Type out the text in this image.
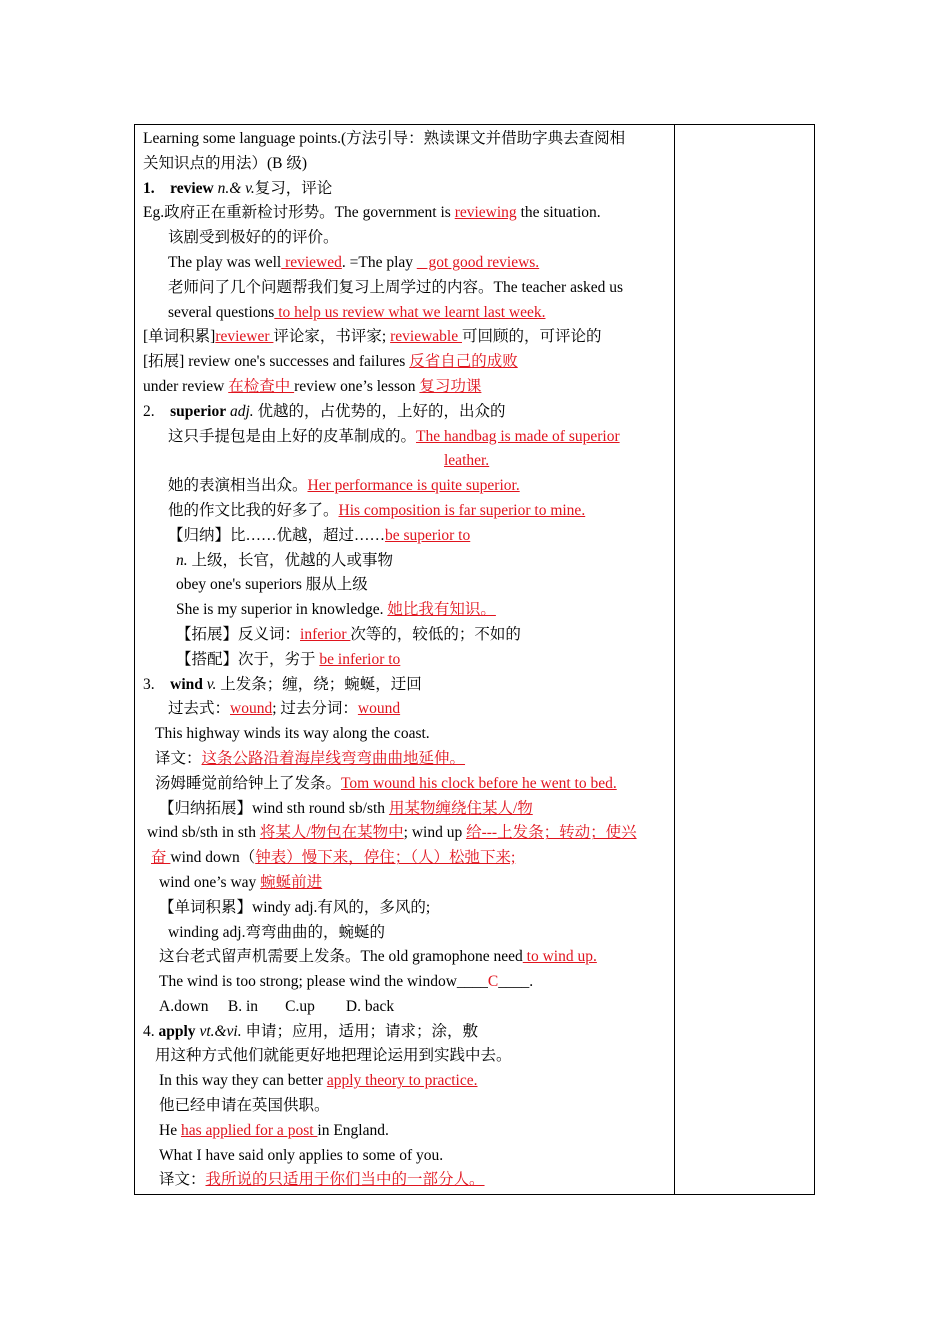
Learning some language points.(方法引导：熟读课文并借助字典去查阅相
关知识点的用法）(B 级)
1. review n.& v.复习，评论
Eg.政府正在重新检讨形势。The government is reviewing the situation.
该剧受到极好的的评价。
The play was well reviewed. =The play _ got good reviews.
老师问了几个问题帮我们复习上周学过的内容。The teacher asked us
several questions to help us review what we learnt last week.
[单词积累]reviewer 评论家，书评家; reviewable 可回顾的，可评论的
[拓展] review one's successes and failures 反省自己的成败
under review 在检查中 review one’s lesson 复习功课
2. superior adj. 优越的，占优势的，上好的，出众的
这只手提包是由上好的皮革制成的。The handbag is made of superior
leather.
她的表演相当出众。Her performance is quite superior.
他的作文比我的好多了。His composition is far superior to mine.
【归纳】比……优越，超过……be superior to
n. 上级，长官，优越的人或事物
obey one's superiors 服从上级
She is my superior in knowledge. 她比我有知识。
【拓展】反义词：inferior 次等的，较低的；不如的
【搭配】次于，劣于 be inferior to
3. wind v. 上发条；缠，绕；蜿蜒，迂回
过去式：wound; 过去分词：wound
This highway winds its way along the coast.
译文：这条公路沿着海岸线弯弯曲曲地延伸。
汤姆睡觉前给钟上了发条。Tom wound his clock before he went to bed.
【归纳拓展】wind sth round sb/sth 用某物缠绕住某人/物
wind sb/sth in sth 将某人/物包在某物中; wind up 给---上发条；转动；使兴
奋 wind down（钟表）慢下来，停住；（人）松弛下来;
wind one’s way 蜿蜒前进
【单词积累】windy adj.有风的，多风的;
winding adj.弯弯曲曲的，蜿蜒的
这台老式留声机需要上发条。The old gramophone need to wind up.
The wind is too strong; please wind the window____C____.
A.down     B. in       C.up        D. back
4. apply vt.&vi. 申请；应用，适用；请求；涂，敷
用这种方式他们就能更好地把理论运用到实践中去。
In this way they can better apply theory to practice.
他已经申请在英国供职。
He has applied for a post in England.
What I have said only applies to some of you.
译文：我所说的只适用于你们当中的一部分人。
